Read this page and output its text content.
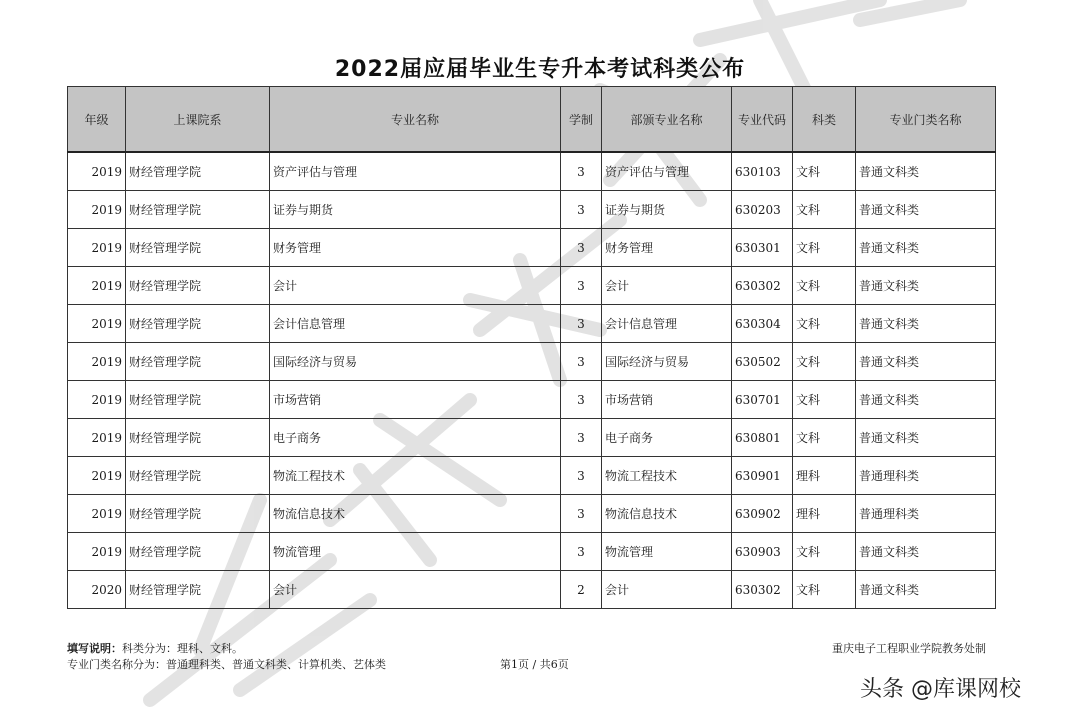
2022届应届毕业生专升本考试科类公布
年级	上课院系	专业名称	学制	部颁专业名称	专业代码	科类	专业门类名称
2019	财经管理学院	资产评估与管理	3	资产评估与管理	630103	文科	普通文科类
2019	财经管理学院	证券与期货	3	证券与期货	630203	文科	普通文科类
2019	财经管理学院	财务管理	3	财务管理	630301	文科	普通文科类
2019	财经管理学院	会计	3	会计	630302	文科	普通文科类
2019	财经管理学院	会计信息管理	3	会计信息管理	630304	文科	普通文科类
2019	财经管理学院	国际经济与贸易	3	国际经济与贸易	630502	文科	普通文科类
2019	财经管理学院	市场营销	3	市场营销	630701	文科	普通文科类
2019	财经管理学院	电子商务	3	电子商务	630801	文科	普通文科类
2019	财经管理学院	物流工程技术	3	物流工程技术	630901	理科	普通理科类
2019	财经管理学院	物流信息技术	3	物流信息技术	630902	理科	普通理科类
2019	财经管理学院	物流管理	3	物流管理	630903	文科	普通文科类
2020	财经管理学院	会计	2	会计	630302	文科	普通文科类
填写说明：科类分为：理科、文科。
专业门类名称分为：普通理科类、普通文科类、计算机类、艺体类	第1页 / 共6页
重庆电子工程职业学院教务处制
头条 @库课网校
